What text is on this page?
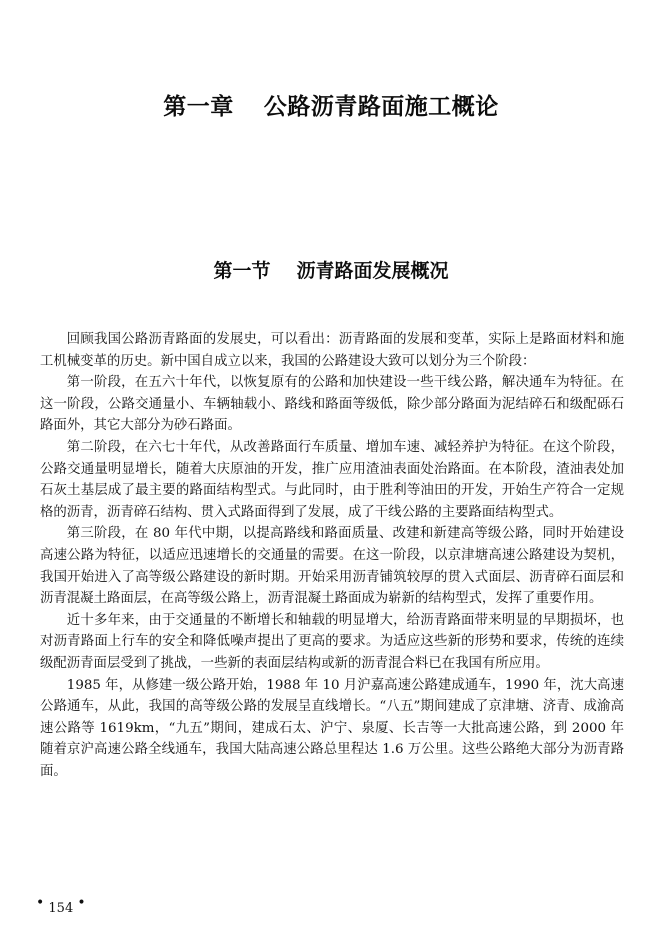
第一章 公路沥青路面施工概论
第一节 沥青路面发展概况

回顾我国公路沥青路面的发展史，可以看出：沥青路面的发展和变革，实际上是路面材料和施工机械变革的历史。新中国自成立以来，我国的公路建设大致可以划分为三个阶段：

第一阶段，在五六十年代，以恢复原有的公路和加快建设一些干线公路，解决通车为特征。在这一阶段，公路交通量小、车辆轴载小、路线和路面等级低，除少部分路面为泥结碎石和级配砾石路面外，其它大部分为砂石路面。

第二阶段，在六七十年代，从改善路面行车质量、增加车速、减轻养护为特征。在这个阶段，公路交通量明显增长，随着大庆原油的开发，推广应用渣油表面处治路面。在本阶段，渣油表处加石灰土基层成了最主要的路面结构型式。与此同时，由于胜利等油田的开发，开始生产符合一定规格的沥青，沥青碎石结构、贯入式路面得到了发展，成了干线公路的主要路面结构型式。

第三阶段，在 80 年代中期，以提高路线和路面质量、改建和新建高等级公路，同时开始建设高速公路为特征，以适应迅速增长的交通量的需要。在这一阶段，以京津塘高速公路建设为契机，我国开始进入了高等级公路建设的新时期。开始采用沥青铺筑较厚的贯入式面层、沥青碎石面层和沥青混凝土路面层，在高等级公路上，沥青混凝土路面成为崭新的结构型式，发挥了重要作用。

近十多年来，由于交通量的不断增长和轴载的明显增大，给沥青路面带来明显的早期损坏，也对沥青路面上行车的安全和降低噪声提出了更高的要求。为适应这些新的形势和要求，传统的连续级配沥青面层受到了挑战，一些新的表面层结构或新的沥青混合料已在我国有所应用。

1985 年，从修建一级公路开始，1988 年 10 月沪嘉高速公路建成通车，1990 年，沈大高速公路通车，从此，我国的高等级公路的发展呈直线增长。“八五”期间建成了京津塘、济青、成渝高速公路等 1619km，“九五”期间，建成石太、沪宁、泉厦、长吉等一大批高速公路，到 2000 年随着京沪高速公路全线通车，我国大陆高速公路总里程达 1.6 万公里。这些公路绝大部分为沥青路面。

• 154 •
